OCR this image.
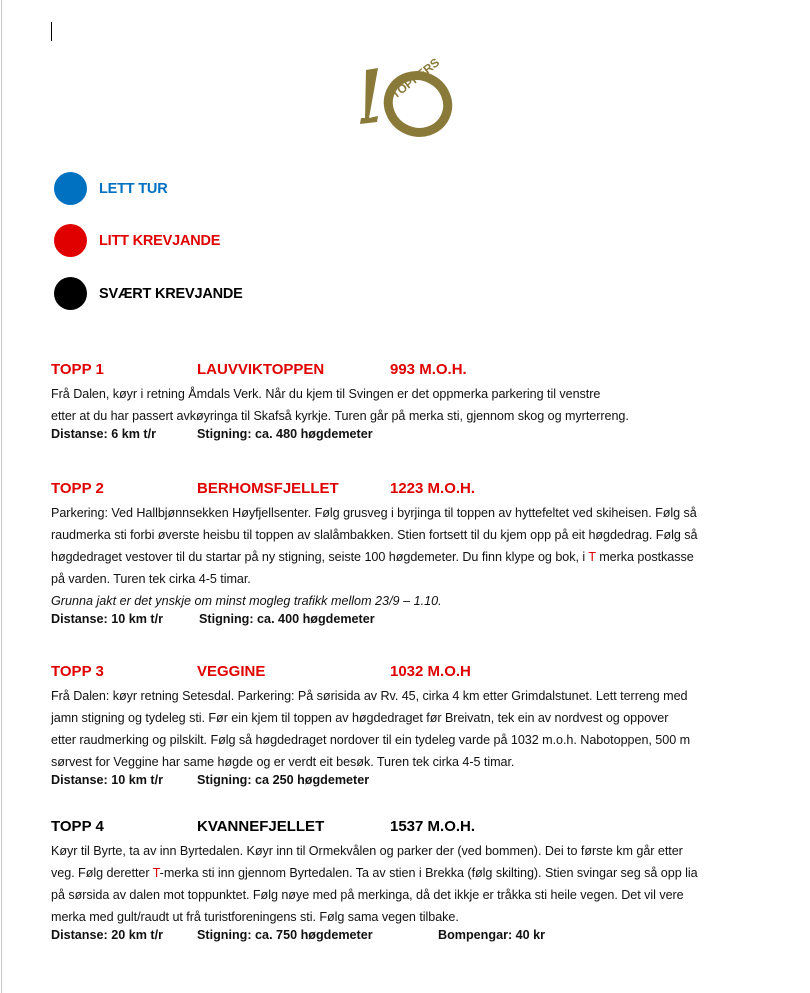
TOPPERS
LETT TUR
LITT KREVJANDE
SVÆRT KREVJANDE
TOPP 1	LAUVVIKTOPPEN	993 M.O.H.

Frå Dalen, køyr i retning Åmdals Verk. Når du kjem til Svingen er det oppmerka parkering til venstre
etter at du har passert avkøyringa til Skafså kyrkje. Turen går på merka sti, gjennom skog og myrterreng.

Distanse: 6 km t/r	Stigning: ca. 480 høgdemeter
TOPP 2	BERHOMSFJELLET	1223 M.O.H.

Parkering: Ved Hallbjønnsekken Høyfjellsenter. Følg grusveg i byrjinga til toppen av hyttefeltet ved skiheisen. Følg så
raudmerka sti forbi øverste heisbu til toppen av slalåmbakken. Stien fortsett til du kjem opp på eit høgdedrag. Følg så
høgdedraget vestover til du startar på ny stigning, seiste 100 høgdemeter. Du finn klype og bok, i T merka postkasse
på varden. Turen tek cirka 4-5 timar.

Grunna jakt er det ynskje om minst mogleg trafikk mellom 23/9 – 1.10.

Distanse: 10 km t/r	Stigning: ca. 400 høgdemeter
TOPP 3	VEGGINE	1032 M.O.H

Frå Dalen: køyr retning Setesdal. Parkering: På sørisida av Rv. 45, cirka 4 km etter Grimdalstunet. Lett terreng med
jamn stigning og tydeleg sti. Før ein kjem til toppen av høgdedraget før Breivatn, tek ein av nordvest og oppover
etter raudmerking og pilskilt. Følg så høgdedraget nordover til ein tydeleg varde på 1032 m.o.h. Nabotoppen, 500 m
sørvest for Veggine har same høgde og er verdt eit besøk. Turen tek cirka 4-5 timar.

Distanse: 10 km t/r	Stigning: ca 250 høgdemeter
TOPP 4	KVANNEFJELLET	1537 M.O.H.

Køyr til Byrte, ta av inn Byrtedalen. Køyr inn til Ormekvålen og parker der (ved bommen). Dei to første km går etter
veg. Følg deretter T-merka sti inn gjennom Byrtedalen. Ta av stien i Brekka (følg skilting). Stien svingar seg så opp lia
på sørsida av dalen mot toppunktet. Følg nøye med på merkinga, då det ikkje er tråkka sti heile vegen. Det vil vere
merka med gult/raudt ut frå turistforeningens sti. Følg sama vegen tilbake.

Distanse: 20 km t/r	Stigning: ca. 750 høgdemeter	Bompengar: 40 kr
